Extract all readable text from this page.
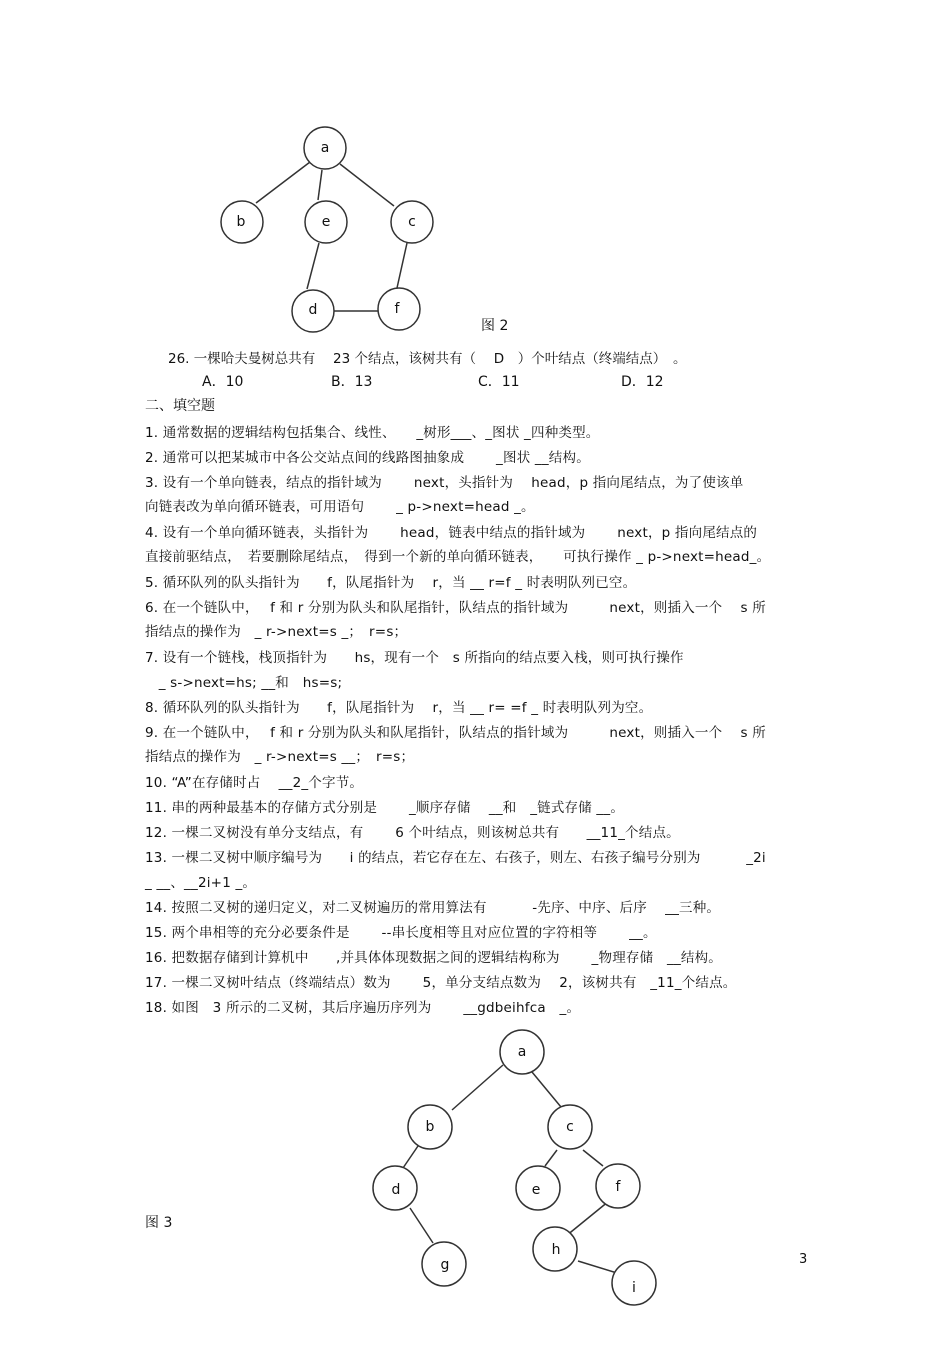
a
b	e	c
d	f
图 2
26. 一棵哈夫曼树总共有　 23 个结点，该树共有（　 D　）个叶结点（终端结点）　。
A．10	B．13	C．11	D．12
二、填空题
1. 通常数据的逻辑结构包括集合、线性、　　_树形___、_图状 _四种类型。
2. 通常可以把某城市中各公交站点间的线路图抽象成　　 _图状 __结构。
3. 设有一个单向链表，结点的指针域为　　 next，头指针为　 head，p 指向尾结点，为了使该单
向链表改为单向循环链表，可用语句　　 _ p->next=head _。
4. 设有一个单向循环链表，头指针为　　 head，链表中结点的指针域为　　 next，p 指向尾结点的
直接前驱结点，　若要删除尾结点，　得到一个新的单向循环链表，　　可执行操作 _ p->next=head_。
5. 循环队列的队头指针为　　f，队尾指针为　 r，当 __ r=f _ 时表明队列已空。
6. 在一个链队中，　 f 和 r 分别为队头和队尾指针，队结点的指针域为　　　next，则插入一个　 s 所
指结点的操作为　_ r->next=s _；　r=s；
7. 设有一个链栈，栈顶指针为　　hs，现有一个　s 所指向的结点要入栈，则可执行操作
　_ s->next=hs; __和　hs=s;
8. 循环队列的队头指针为　　f，队尾指针为　 r，当 __ r= =f _ 时表明队列为空。
9. 在一个链队中，　 f 和 r 分别为队头和队尾指针，队结点的指针域为　　　next，则插入一个　 s 所
指结点的操作为　_ r->next=s __；　r=s；
10. “A”在存储时占　 __2_个字节。
11. 串的两种最基本的存储方式分别是　　 _顺序存储　 __和　_链式存储 __。
12. 一棵二叉树没有单分支结点，有　　 6 个叶结点，则该树总共有　　__11_个结点。
13. 一棵二叉树中顺序编号为　　i 的结点，若它存在左、右孩子，则左、右孩子编号分别为　　　 _2i
_ __、__2i+1 _。
14. 按照二叉树的递归定义，对二叉树遍历的常用算法有　　　 -先序、中序、后序　 __三种。
15. 两个串相等的充分必要条件是　　 --串长度相等且对应位置的字符相等　　 __。
16. 把数据存储到计算机中　　,并具体体现数据之间的逻辑结构称为　　 _物理存储　__结构。
17. 一棵二叉树叶结点（终端结点）数为　　 5，单分支结点数为　 2，该树共有　_11_个结点。
18. 如图　3 所示的二叉树，其后序遍历序列为　　 __gdbeihfca　_。
a
b	c
d	e	f
g
h
i
图 3
3
